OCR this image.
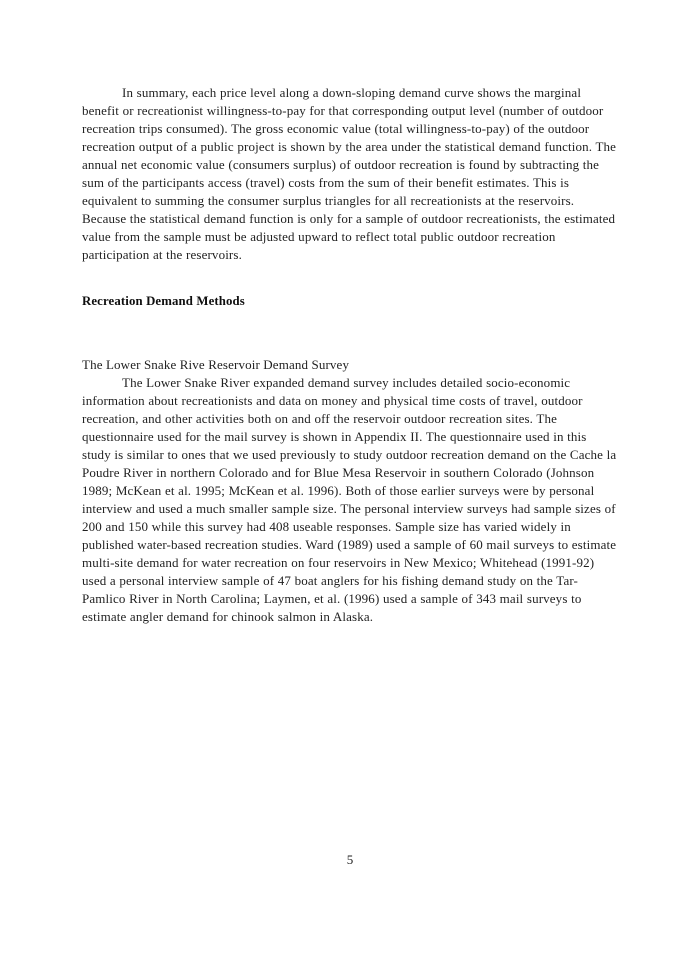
In summary, each price level along a down-sloping demand curve shows the marginal benefit or recreationist willingness-to-pay for that corresponding output level (number of outdoor recreation trips consumed). The gross economic value (total willingness-to-pay) of the outdoor recreation output of a public project is shown by the area under the statistical demand function. The annual net economic value (consumers surplus) of outdoor recreation is found by subtracting the sum of the participants access (travel) costs from the sum of their benefit estimates. This is equivalent to summing the consumer surplus triangles for all recreationists at the reservoirs. Because the statistical demand function is only for a sample of outdoor recreationists, the estimated value from the sample must be adjusted upward to reflect total public outdoor recreation participation at the reservoirs.

Recreation Demand Methods

The Lower Snake Rive Reservoir Demand Survey

The Lower Snake River expanded demand survey includes detailed socio-economic information about recreationists and data on money and physical time costs of travel, outdoor recreation, and other activities both on and off the reservoir outdoor recreation sites. The questionnaire used for the mail survey is shown in Appendix II. The questionnaire used in this study is similar to ones that we used previously to study outdoor recreation demand on the Cache la Poudre River in northern Colorado and for Blue Mesa Reservoir in southern Colorado (Johnson 1989; McKean et al. 1995; McKean et al. 1996). Both of those earlier surveys were by personal interview and used a much smaller sample size. The personal interview surveys had sample sizes of 200 and 150 while this survey had 408 useable responses. Sample size has varied widely in published water-based recreation studies. Ward (1989) used a sample of 60 mail surveys to estimate multi-site demand for water recreation on four reservoirs in New Mexico; Whitehead (1991-92) used a personal interview sample of 47 boat anglers for his fishing demand study on the Tar-Pamlico River in North Carolina; Laymen, et al. (1996) used a sample of 343 mail surveys to estimate angler demand for chinook salmon in Alaska.

5
